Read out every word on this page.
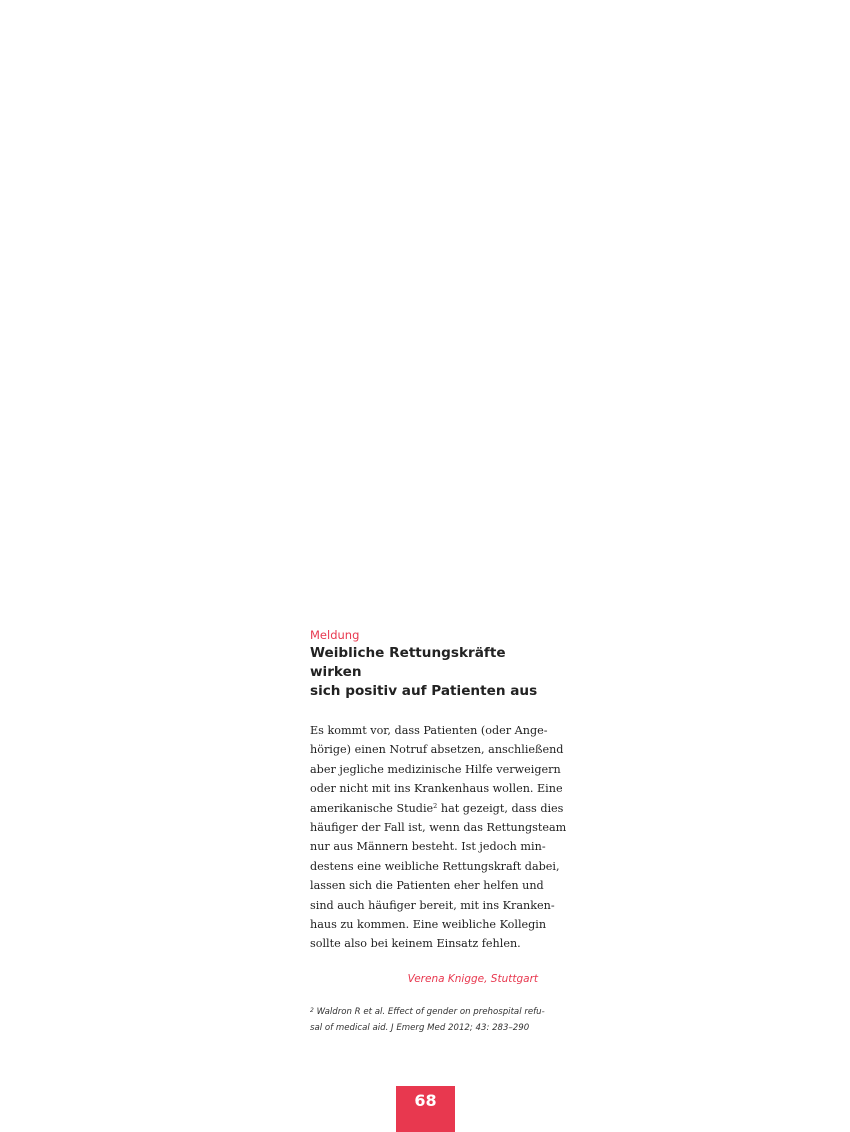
Meldung

Weibliche Rettungskräfte wirken
sich positiv auf Patienten aus
Es kommt vor, dass Patienten (oder Ange-
hörige) einen Notruf absetzen, anschließend
aber jegliche medizinische Hilfe verweigern
oder nicht mit ins Krankenhaus wollen. Eine
amerikanische Studie$^2$ hat gezeigt, dass dies
häufiger der Fall ist, wenn das Rettungsteam
nur aus Männern besteht. Ist jedoch min-
destens eine weibliche Rettungskraft dabei,
lassen sich die Patienten eher helfen und
sind auch häufiger bereit, mit ins Kranken-
haus zu kommen. Eine weibliche Kollegin
sollte also bei keinem Einsatz fehlen.

Verena Knigge, Stuttgart

$^2$ Waldron R et al. Effect of gender on prehospital refu-
sal of medical aid. J Emerg Med 2012; 43: 283–290
68
